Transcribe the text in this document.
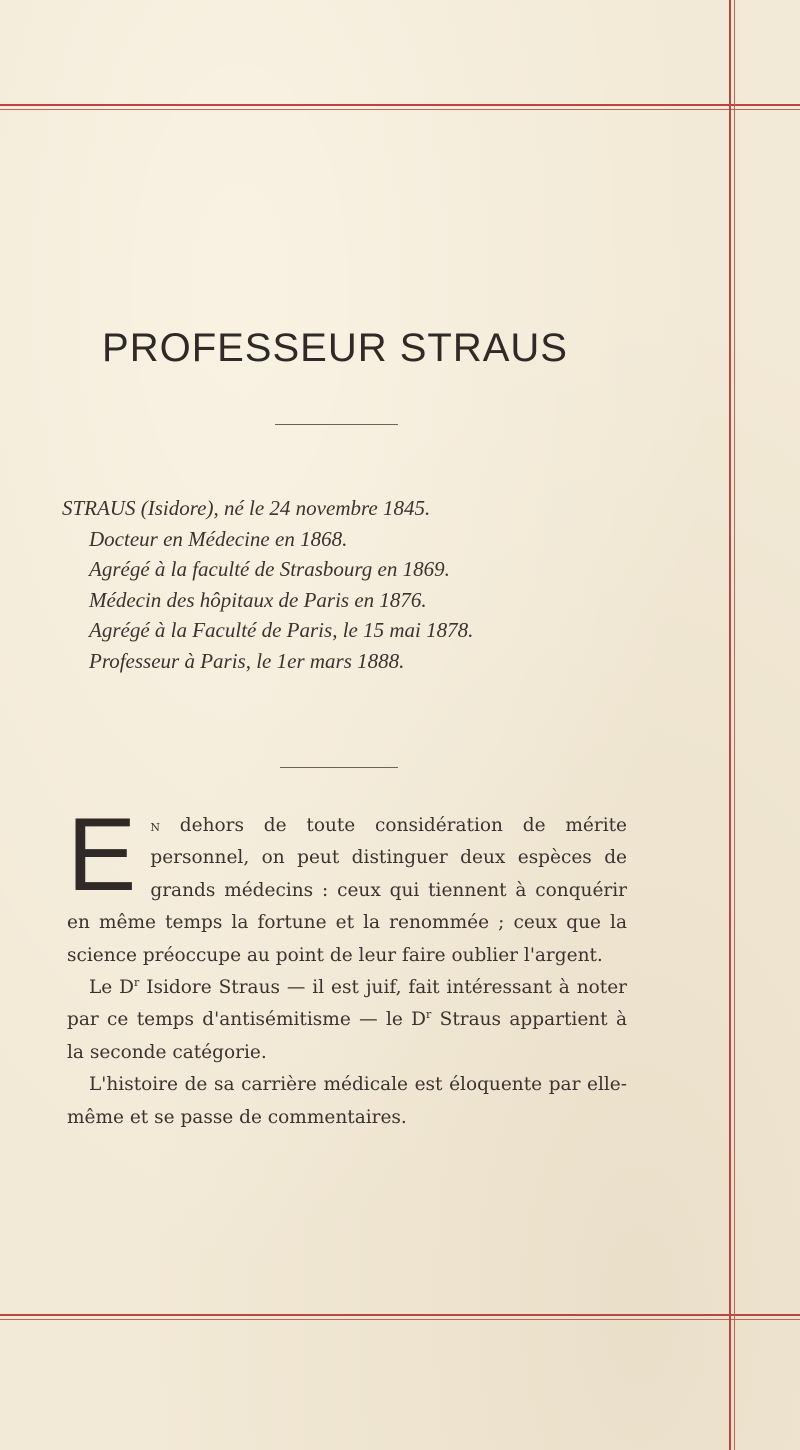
PROFESSEUR STRAUS
STRAUS (Isidore), né le 24 novembre 1845.
Docteur en Médecine en 1868.
Agrégé à la faculté de Strasbourg en 1869.
Médecin des hôpitaux de Paris en 1876.
Agrégé à la Faculté de Paris, le 15 mai 1878.
Professeur à Paris, le 1er mars 1888.

En dehors de toute considération de mérite personnel, on peut distinguer deux espèces de grands médecins : ceux qui tiennent à conquérir en même temps la fortune et la renommée ; ceux que la science préoccupe au point de leur faire oublier l'argent.

Le $D^r$ Isidore Straus — il est juif, fait intéressant à noter par ce temps d'antisémitisme — le $D^r$ Straus appartient à la seconde catégorie.

L'histoire de sa carrière médicale est éloquente par elle-même et se passe de commentaires.
